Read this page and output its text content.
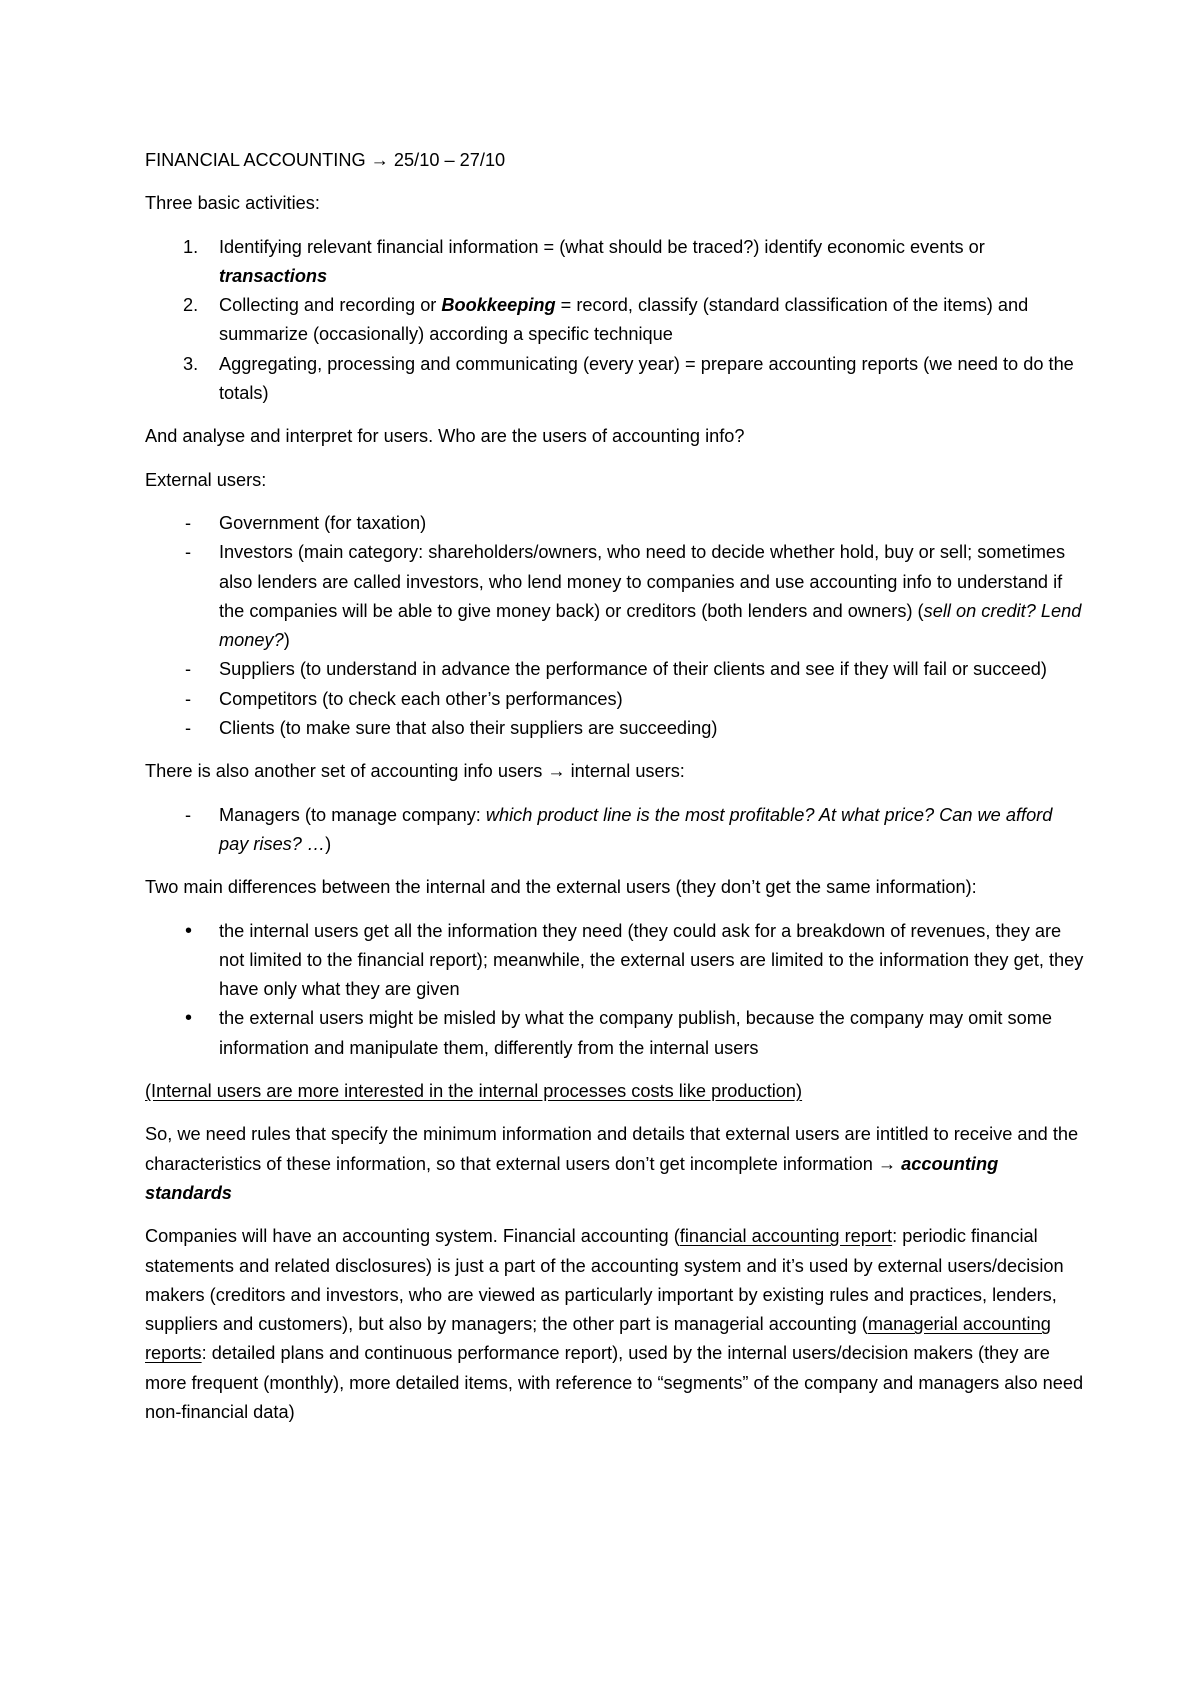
FINANCIAL ACCOUNTING → 25/10 – 27/10

Three basic activities:

1.	Identifying relevant financial information = (what should be traced?) identify economic events or transactions
2.	Collecting and recording or Bookkeeping = record, classify (standard classification of the items) and summarize (occasionally) according a specific technique
3.	Aggregating, processing and communicating (every year) = prepare accounting reports (we need to do the totals)

And analyse and interpret for users. Who are the users of accounting info?

External users:

-	Government (for taxation)
-	Investors (main category: shareholders/owners, who need to decide whether hold, buy or sell; sometimes also lenders are called investors, who lend money to companies and use accounting info to understand if the companies will be able to give money back) or creditors (both lenders and owners) (sell on credit? Lend money?)
-	Suppliers (to understand in advance the performance of their clients and see if they will fail or succeed)
-	Competitors (to check each other’s performances)
-	Clients (to make sure that also their suppliers are succeeding)

There is also another set of accounting info users → internal users:

-	Managers (to manage company: which product line is the most profitable? At what price? Can we afford pay rises? …)

Two main differences between the internal and the external users (they don’t get the same information):

•	the internal users get all the information they need (they could ask for a breakdown of revenues, they are not limited to the financial report); meanwhile, the external users are limited to the information they get, they have only what they are given
•	the external users might be misled by what the company publish, because the company may omit some information and manipulate them, differently from the internal users

(Internal users are more interested in the internal processes costs like production)

So, we need rules that specify the minimum information and details that external users are intitled to receive and the characteristics of these information, so that external users don’t get incomplete information → accounting standards

Companies will have an accounting system. Financial accounting (financial accounting report: periodic financial statements and related disclosures) is just a part of the accounting system and it’s used by external users/decision makers (creditors and investors, who are viewed as particularly important by existing rules and practices, lenders, suppliers and customers), but also by managers; the other part is managerial accounting (managerial accounting reports: detailed plans and continuous performance report), used by the internal users/decision makers (they are more frequent (monthly), more detailed items, with reference to “segments” of the company and managers also need non-financial data)
